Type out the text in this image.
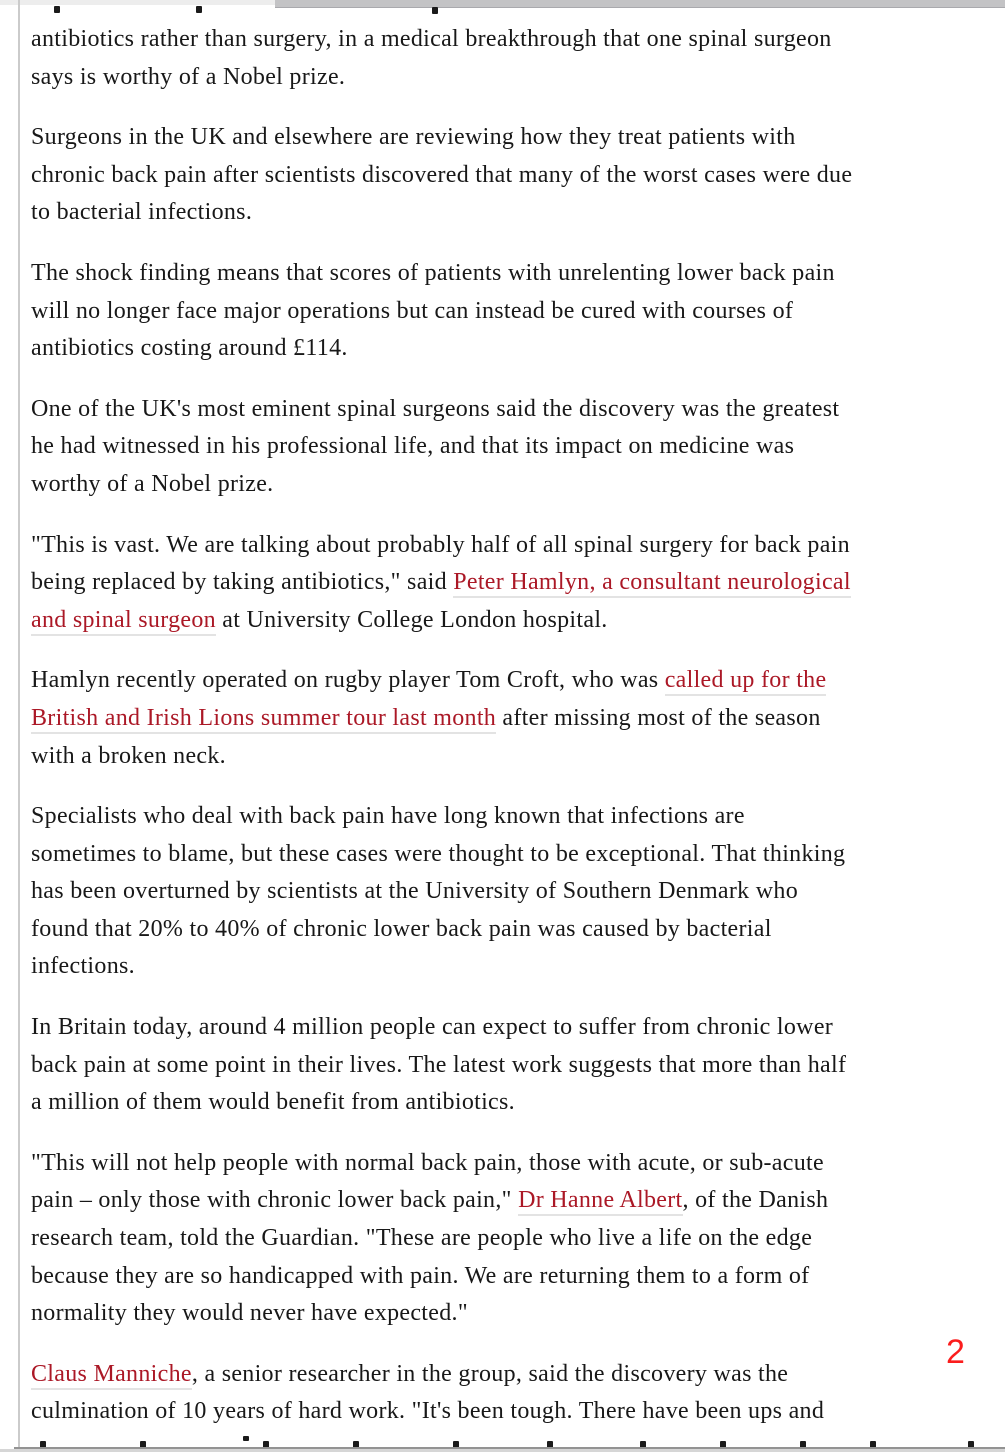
antibiotics rather than surgery, in a medical breakthrough that one spinal surgeon
says is worthy of a Nobel prize.
Surgeons in the UK and elsewhere are reviewing how they treat patients with
chronic back pain after scientists discovered that many of the worst cases were due
to bacterial infections.
The shock finding means that scores of patients with unrelenting lower back pain
will no longer face major operations but can instead be cured with courses of
antibiotics costing around £114.
One of the UK's most eminent spinal surgeons said the discovery was the greatest
he had witnessed in his professional life, and that its impact on medicine was
worthy of a Nobel prize.
"This is vast. We are talking about probably half of all spinal surgery for back pain
being replaced by taking antibiotics," said Peter Hamlyn, a consultant neurological
and spinal surgeon at University College London hospital.
Hamlyn recently operated on rugby player Tom Croft, who was called up for the
British and Irish Lions summer tour last month after missing most of the season
with a broken neck.
Specialists who deal with back pain have long known that infections are
sometimes to blame, but these cases were thought to be exceptional. That thinking
has been overturned by scientists at the University of Southern Denmark who
found that 20% to 40% of chronic lower back pain was caused by bacterial
infections.
In Britain today, around 4 million people can expect to suffer from chronic lower
back pain at some point in their lives. The latest work suggests that more than half
a million of them would benefit from antibiotics.
"This will not help people with normal back pain, those with acute, or sub-acute
pain – only those with chronic lower back pain," Dr Hanne Albert, of the Danish
research team, told the Guardian. "These are people who live a life on the edge
because they are so handicapped with pain. We are returning them to a form of
normality they would never have expected."
Claus Manniche, a senior researcher in the group, said the discovery was the
culmination of 10 years of hard work. "It's been tough. There have been ups and
2
